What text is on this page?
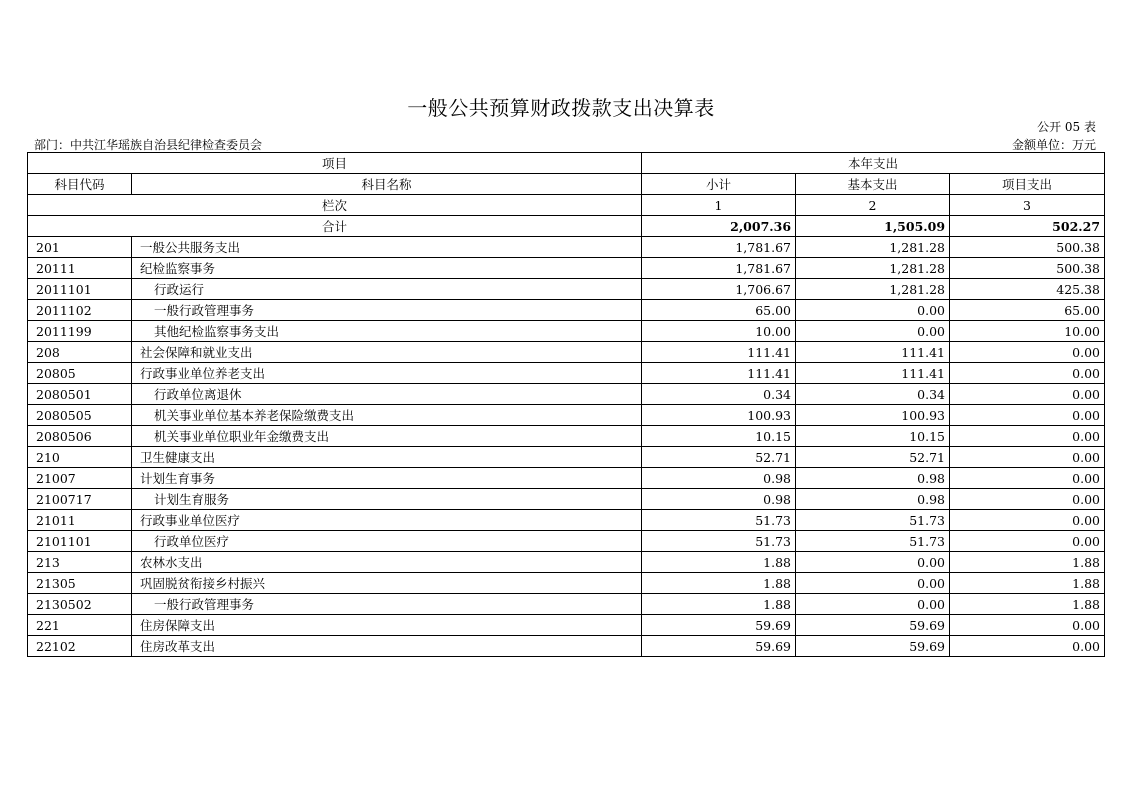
一般公共预算财政拨款支出决算表
公开 05 表
部门：中共江华瑶族自治县纪律检查委员会	金额单位：万元
项目		本年支出		
科目代码	科目名称	小计	基本支出	项目支出
栏次		1	2	3
合计		2,007.36	1,505.09	502.27
201	一般公共服务支出	1,781.67	1,281.28	500.38
20111	纪检监察事务	1,781.67	1,281.28	500.38
2011101	行政运行	1,706.67	1,281.28	425.38
2011102	一般行政管理事务	65.00	0.00	65.00
2011199	其他纪检监察事务支出	10.00	0.00	10.00
208	社会保障和就业支出	111.41	111.41	0.00
20805	行政事业单位养老支出	111.41	111.41	0.00
2080501	行政单位离退休	0.34	0.34	0.00
2080505	机关事业单位基本养老保险缴费支出	100.93	100.93	0.00
2080506	机关事业单位职业年金缴费支出	10.15	10.15	0.00
210	卫生健康支出	52.71	52.71	0.00
21007	计划生育事务	0.98	0.98	0.00
2100717	计划生育服务	0.98	0.98	0.00
21011	行政事业单位医疗	51.73	51.73	0.00
2101101	行政单位医疗	51.73	51.73	0.00
213	农林水支出	1.88	0.00	1.88
21305	巩固脱贫衔接乡村振兴	1.88	0.00	1.88
2130502	一般行政管理事务	1.88	0.00	1.88
221	住房保障支出	59.69	59.69	0.00
22102	住房改革支出	59.69	59.69	0.00
